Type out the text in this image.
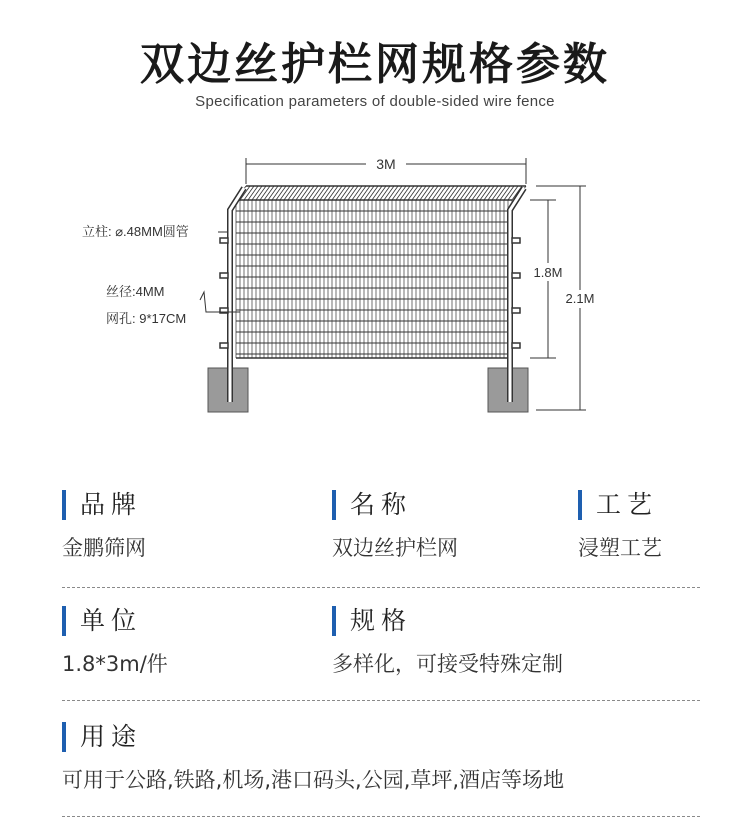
双边丝护栏网规格参数
Specification parameters of double-sided wire fence
3M
1.8M
2.1M
立柱: ⌀.48MM圆管
丝径:4MM
网孔: 9*17CM
品牌
金鹏筛网
名称
双边丝护栏网
工艺
浸塑工艺
单位
1.8*3m/件
规格
多样化，可接受特殊定制
用途
可用于公路,铁路,机场,港口码头,公园,草坪,酒店等场地
